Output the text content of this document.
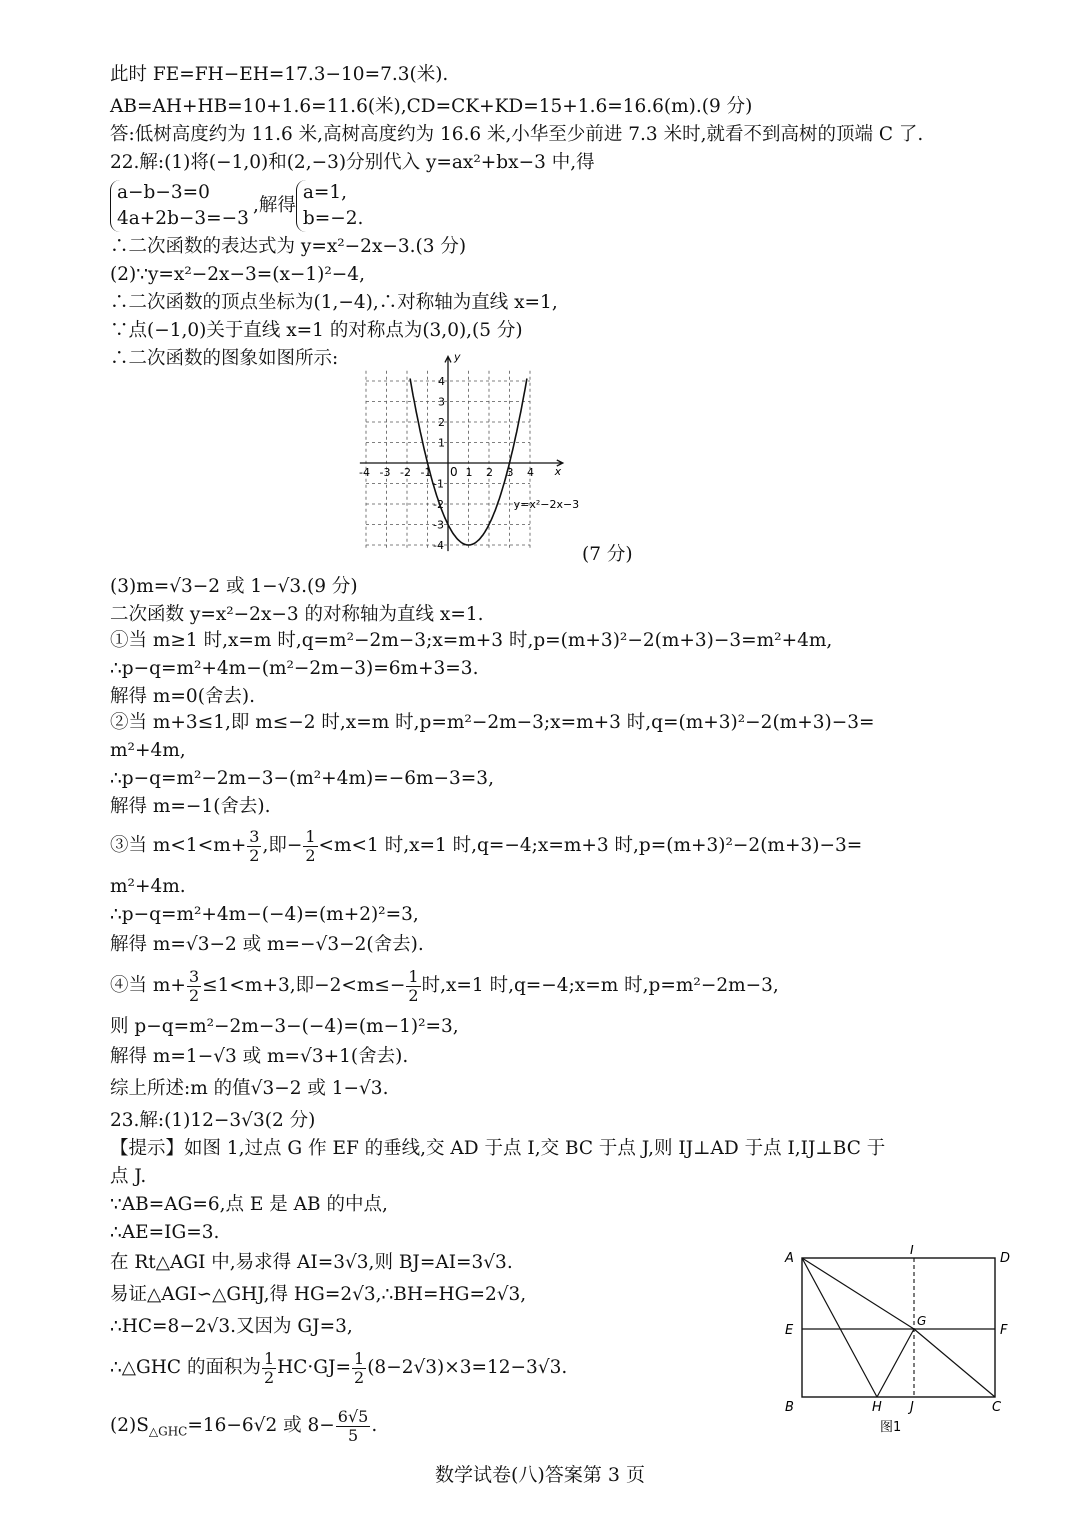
此时 FE=FH−EH=17.3−10=7.3(米).
AB=AH+HB=10+1.6=11.6(米),CD=CK+KD=15+1.6=16.6(m).(9 分)
答:低树高度约为 11.6 米,高树高度约为 16.6 米,小华至少前进 7.3 米时,就看不到高树的顶端 C 了.
22.解:(1)将(−1,0)和(2,−3)分别代入 y=ax²+bx−3 中,得
a−b−3=0
4a+2b−3=−3
,解得
a=1,
b=−2.
∴二次函数的表达式为 y=x²−2x−3.(3 分)
(2)∵y=x²−2x−3=(x−1)²−4,
∴二次函数的顶点坐标为(1,−4),∴对称轴为直线 x=1,
∵点(−1,0)关于直线 x=1 的对称点为(3,0),(5 分)
∴二次函数的图象如图所示:
-4 -3 -2 -1	1 2 3 4
4
3
2
1
-1
-2
-3
-4
x
y
0
y=x²−2x−3
(7 分)
(3)m=√3−2 或 1−√3.(9 分)
二次函数 y=x²−2x−3 的对称轴为直线 x=1.
①当 m≥1 时,x=m 时,q=m²−2m−3;x=m+3 时,p=(m+3)²−2(m+3)−3=m²+4m,
∴p−q=m²+4m−(m²−2m−3)=6m+3=3.
解得 m=0(舍去).
②当 m+3≤1,即 m≤−2 时,x=m 时,p=m²−2m−3;x=m+3 时,q=(m+3)²−2(m+3)−3=
m²+4m,
∴p−q=m²−2m−3−(m²+4m)=−6m−3=3,
解得 m=−1(舍去).
③当 $m<1<m+ \frac{3}{2}$ ,即− $\frac{1}{2} <m<1$ 时,x=1 时,q=−4;x=m+3 时,p=(m+3)²−2(m+3)−3=
m²+4m.
∴p−q=m²+4m−(−4)=(m+2)²=3,
解得 m=√3−2 或 m=−√3−2(舍去).
④当 $m+ \frac{3}{2} \le 1<m+3$,即$-2<m\le- \frac{1}{2}$ 时,x=1 时,q=−4;x=m 时,p=m²−2m−3,
则 p−q=m²−2m−3−(−4)=(m−1)²=3,
解得 m=1−√3 或 m=√3+1(舍去).
综上所述:m 的值√3−2 或 1−√3.
23.解:(1)12−3√3(2 分)
【提示】如图 1,过点 G 作 EF 的垂线,交 AD 于点 I,交 BC 于点 J,则 IJ⊥AD 于点 I,IJ⊥BC 于
点 J.
∵AB=AG=6,点 E 是 AB 的中点,
∴AE=IG=3.
在 Rt△AGI 中,易求得 AI=3√3,则 BJ=AI=3√3.
易证△AGI∽△GHJ,得 HG=2√3,∴BH=HG=2√3,
∴HC=8−2√3.又因为 GJ=3,
∴△GHC 的面积为 $\frac{1}{2} HC\cdot GJ= \frac{1}{2} (8-2√3)\times 3=12-3√3$.
$(2)S_{\triangle GHC}=16-6√2$ 或 $8- \frac{6√5}{5}$ .
A
I
D
E
G
F
B	H J	C
图1
数学试卷(八)答案第 3 页
